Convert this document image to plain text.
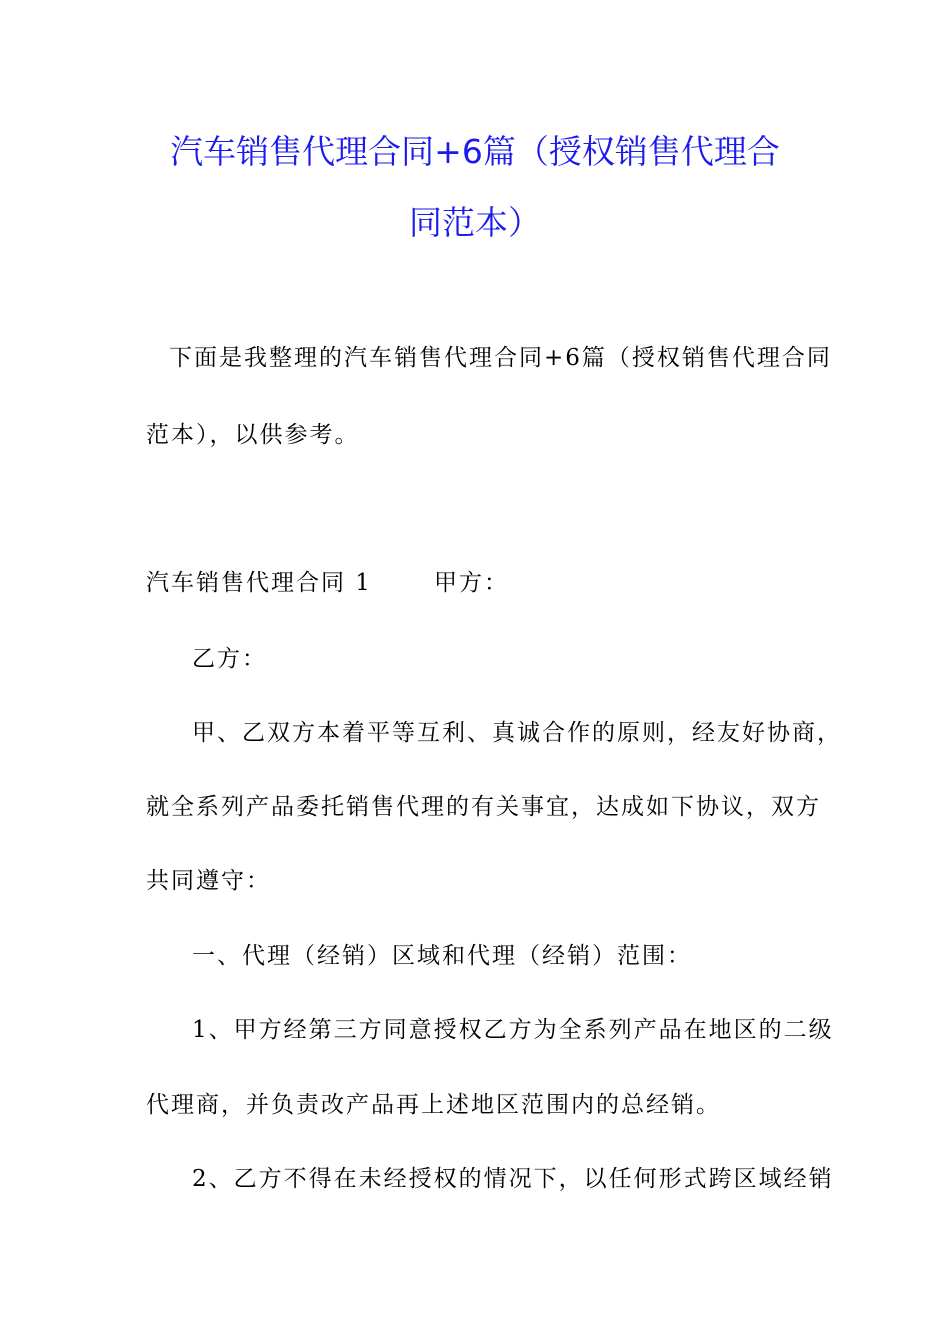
汽车销售代理合同+6篇（授权销售代理合
同范本）
下面是我整理的汽车销售代理合同+6篇（授权销售代理合同
范本），以供参考。
汽车销售代理合同 1	甲方：
乙方：
甲、乙双方本着平等互利、真诚合作的原则，经友好协商，
就全系列产品委托销售代理的有关事宜，达成如下协议，双方
共同遵守：
一、代理（经销）区域和代理（经销）范围：
1、甲方经第三方同意授权乙方为全系列产品在地区的二级
代理商，并负责改产品再上述地区范围内的总经销。
2、乙方不得在未经授权的情况下，以任何形式跨区域经销
